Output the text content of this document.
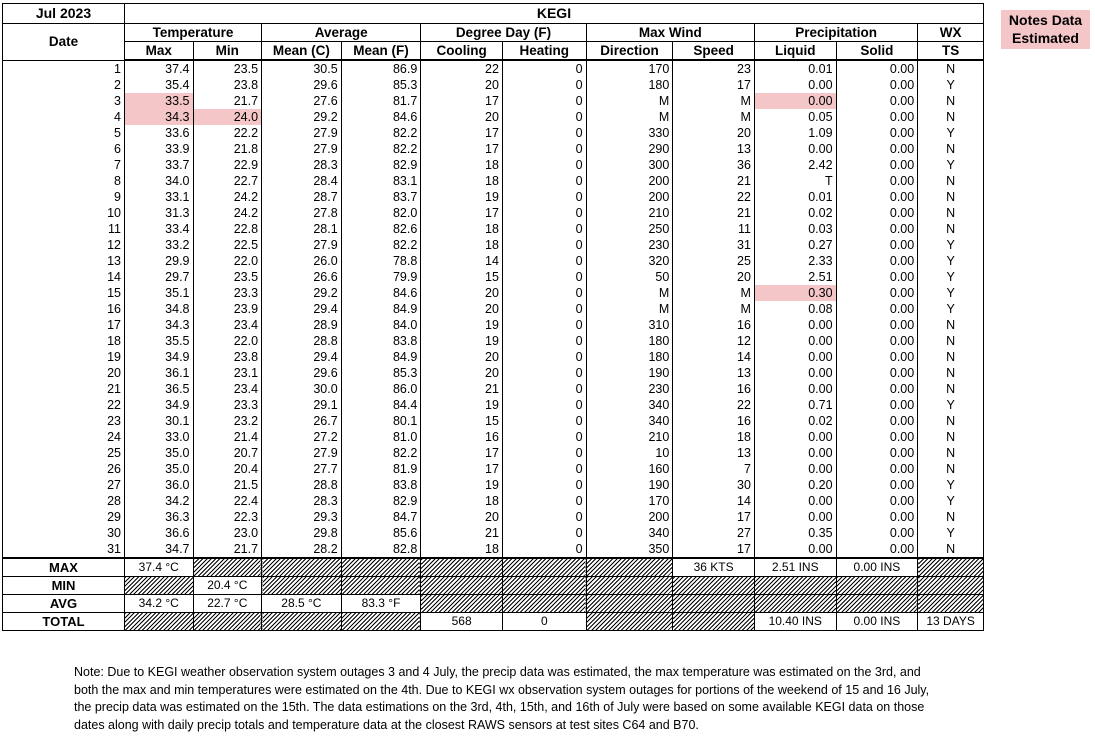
Jul 2023	KEGI										
Date	Temperature		Average		Degree Day (F)		Max Wind		Precipitation		WX
	Max	Min	Mean (C)	Mean (F)	Cooling	Heating	Direction	Speed	Liquid	Solid	TS
1	37.4	23.5	30.5	86.9	22	0	170	23	0.01	0.00	N
2	35.4	23.8	29.6	85.3	20	0	180	17	0.00	0.00	Y
3	33.5	21.7	27.6	81.7	17	0	M	M	0.00	0.00	N
4	34.3	24.0	29.2	84.6	20	0	M	M	0.05	0.00	N
5	33.6	22.2	27.9	82.2	17	0	330	20	1.09	0.00	Y
6	33.9	21.8	27.9	82.2	17	0	290	13	0.00	0.00	N
7	33.7	22.9	28.3	82.9	18	0	300	36	2.42	0.00	Y
8	34.0	22.7	28.4	83.1	18	0	200	21	T	0.00	N
9	33.1	24.2	28.7	83.7	19	0	200	22	0.01	0.00	N
10	31.3	24.2	27.8	82.0	17	0	210	21	0.02	0.00	N
11	33.4	22.8	28.1	82.6	18	0	250	11	0.03	0.00	N
12	33.2	22.5	27.9	82.2	18	0	230	31	0.27	0.00	Y
13	29.9	22.0	26.0	78.8	14	0	320	25	2.33	0.00	Y
14	29.7	23.5	26.6	79.9	15	0	50	20	2.51	0.00	Y
15	35.1	23.3	29.2	84.6	20	0	M	M	0.30	0.00	Y
16	34.8	23.9	29.4	84.9	20	0	M	M	0.08	0.00	Y
17	34.3	23.4	28.9	84.0	19	0	310	16	0.00	0.00	N
18	35.5	22.0	28.8	83.8	19	0	180	12	0.00	0.00	N
19	34.9	23.8	29.4	84.9	20	0	180	14	0.00	0.00	N
20	36.1	23.1	29.6	85.3	20	0	190	13	0.00	0.00	N
21	36.5	23.4	30.0	86.0	21	0	230	16	0.00	0.00	N
22	34.9	23.3	29.1	84.4	19	0	340	22	0.71	0.00	Y
23	30.1	23.2	26.7	80.1	15	0	340	16	0.02	0.00	N
24	33.0	21.4	27.2	81.0	16	0	210	18	0.00	0.00	N
25	35.0	20.7	27.9	82.2	17	0	10	13	0.00	0.00	N
26	35.0	20.4	27.7	81.9	17	0	160	7	0.00	0.00	N
27	36.0	21.5	28.8	83.8	19	0	190	30	0.20	0.00	Y
28	34.2	22.4	28.3	82.9	18	0	170	14	0.00	0.00	Y
29	36.3	22.3	29.3	84.7	20	0	200	17	0.00	0.00	N
30	36.6	23.0	29.8	85.6	21	0	340	27	0.35	0.00	Y
31	34.7	21.7	28.2	82.8	18	0	350	17	0.00	0.00	N
MAX	37.4 °C							36 KTS	2.51 INS	0.00 INS	
MIN		20.4 °C									
AVG	34.2 °C	22.7 °C	28.5 °C	83.3 °F							
TOTAL					568	0			10.40 INS	0.00 INS	13 DAYS
Notes Data
Estimated
Note: Due to KEGI weather observation system outages 3 and 4 July, the precip data was estimated, the max temperature was estimated on the 3rd, and both the max and min temperatures were estimated on the 4th. Due to KEGI wx observation system outages for portions of the weekend of 15 and 16 July, the precip data was estimated on the 15th. The data estimations on the 3rd, 4th, 15th, and 16th of July were based on some available KEGI data on those dates along with daily precip totals and temperature data at the closest RAWS sensors at test sites C64 and B70.
